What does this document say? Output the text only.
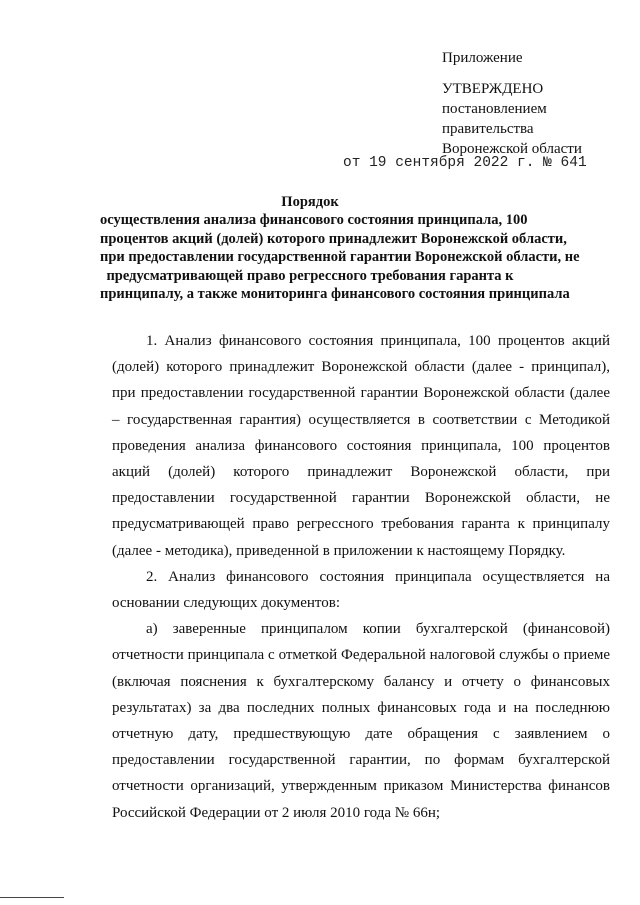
Приложение
УТВЕРЖДЕНО
постановлением
правительства
Воронежской области
от 19 сентября 2022 г. № 641
Порядок
осуществления анализа финансового состояния принципала, 100
процентов акций (долей) которого принадлежит Воронежской области,
при предоставлении государственной гарантии Воронежской области, не
предусматривающей право регрессного требования гаранта к
принципалу, а также мониторинга финансового состояния принципала

1. Анализ финансового состояния принципала, 100 процентов акций (долей) которого принадлежит Воронежской области (далее - принципал), при предоставлении государственной гарантии Воронежской области (далее – государственная гарантия) осуществляется в соответствии с Методикой проведения анализа финансового состояния принципала, 100 процентов акций (долей) которого принадлежит Воронежской области, при предоставлении государственной гарантии Воронежской области, не предусматривающей право регрессного требования гаранта к принципалу (далее - методика), приведенной в приложении к настоящему Порядку.

2. Анализ финансового состояния принципала осуществляется на основании следующих документов:

а) заверенные принципалом копии бухгалтерской (финансовой) отчетности принципала с отметкой Федеральной налоговой службы о приеме (включая пояснения к бухгалтерскому балансу и отчету о финансовых результатах) за два последних полных финансовых года и на последнюю отчетную дату, предшествующую дате обращения с заявлением о предоставлении государственной гарантии, по формам бухгалтерской отчетности организаций, утвержденным приказом Министерства финансов Российской Федерации от 2 июля 2010 года № 66н;
